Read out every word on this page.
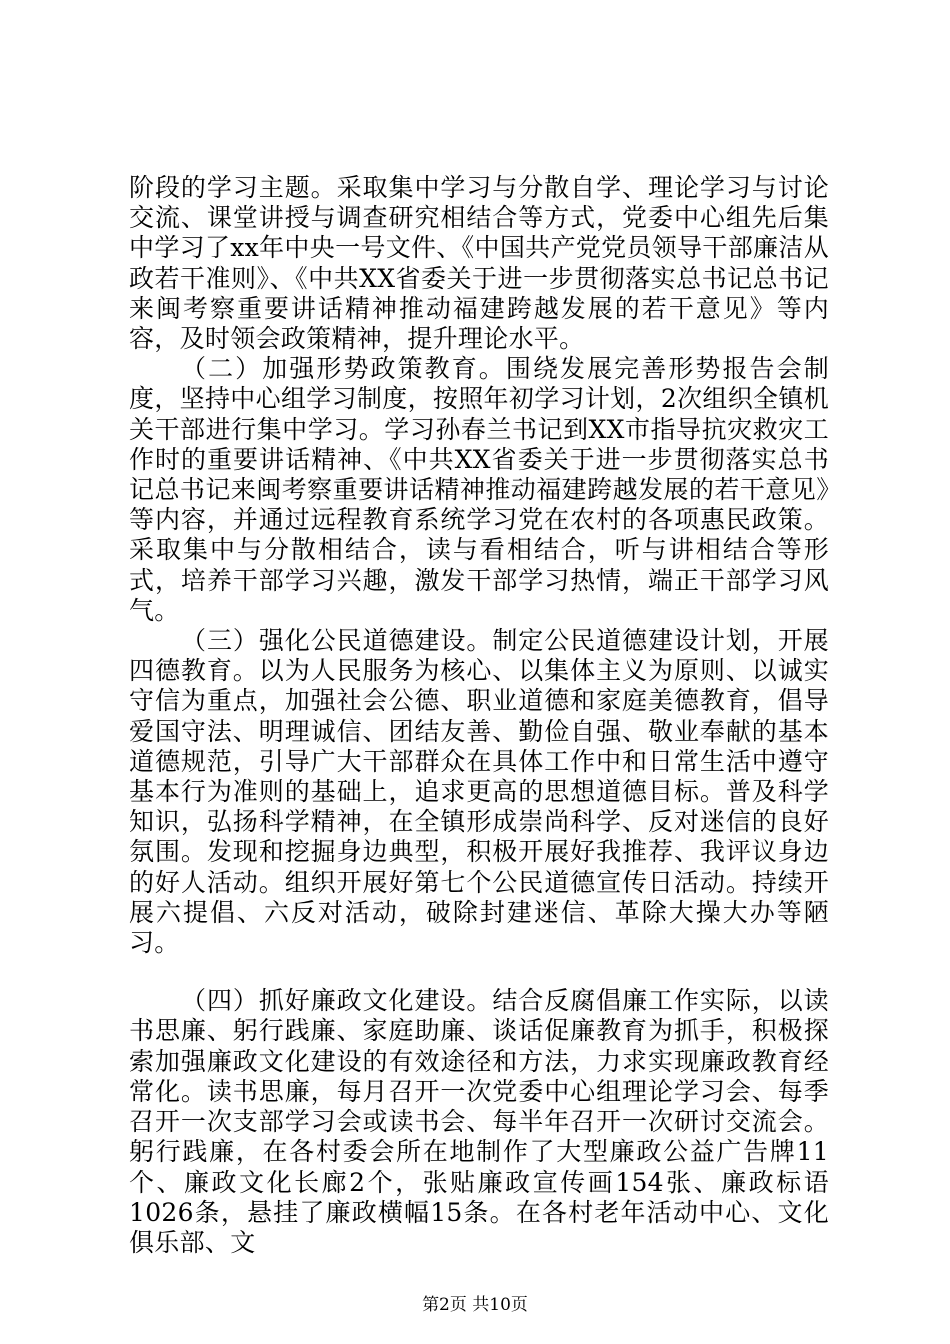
阶段的学习主题。采取集中学习与分散自学、理论学习与讨论交流、课堂讲授与调查研究相结合等方式，党委中心组先后集中学习了xx年中央一号文件、《中国共产党党员领导干部廉洁从政若干准则》、《中共XX省委关于进一步贯彻落实总书记总书记来闽考察重要讲话精神推动福建跨越发展的若干意见》等内容，及时领会政策精神，提升理论水平。

（二）加强形势政策教育。围绕发展完善形势报告会制度，坚持中心组学习制度，按照年初学习计划，2次组织全镇机关干部进行集中学习。学习孙春兰书记到XX市指导抗灾救灾工作时的重要讲话精神、《中共XX省委关于进一步贯彻落实总书记总书记来闽考察重要讲话精神推动福建跨越发展的若干意见》等内容，并通过远程教育系统学习党在农村的各项惠民政策。采取集中与分散相结合，读与看相结合，听与讲相结合等形式，培养干部学习兴趣，激发干部学习热情，端正干部学习风气。

（三）强化公民道德建设。制定公民道德建设计划，开展四德教育。以为人民服务为核心、以集体主义为原则、以诚实守信为重点，加强社会公德、职业道德和家庭美德教育，倡导爱国守法、明理诚信、团结友善、勤俭自强、敬业奉献的基本道德规范，引导广大干部群众在具体工作中和日常生活中遵守基本行为准则的基础上，追求更高的思想道德目标。普及科学知识，弘扬科学精神，在全镇形成崇尚科学、反对迷信的良好氛围。发现和挖掘身边典型，积极开展好我推荐、我评议身边的好人活动。组织开展好第七个公民道德宣传日活动。持续开展六提倡、六反对活动，破除封建迷信、革除大操大办等陋习。

（四）抓好廉政文化建设。结合反腐倡廉工作实际，以读书思廉、躬行践廉、家庭助廉、谈话促廉教育为抓手，积极探索加强廉政文化建设的有效途径和方法，力求实现廉政教育经常化。读书思廉，每月召开一次党委中心组理论学习会、每季召开一次支部学习会或读书会、每半年召开一次研讨交流会。躬行践廉，在各村委会所在地制作了大型廉政公益广告牌11个、廉政文化长廊2个，张贴廉政宣传画154张、廉政标语1026条，悬挂了廉政横幅15条。在各村老年活动中心、文化俱乐部、文

第2页 共10页
